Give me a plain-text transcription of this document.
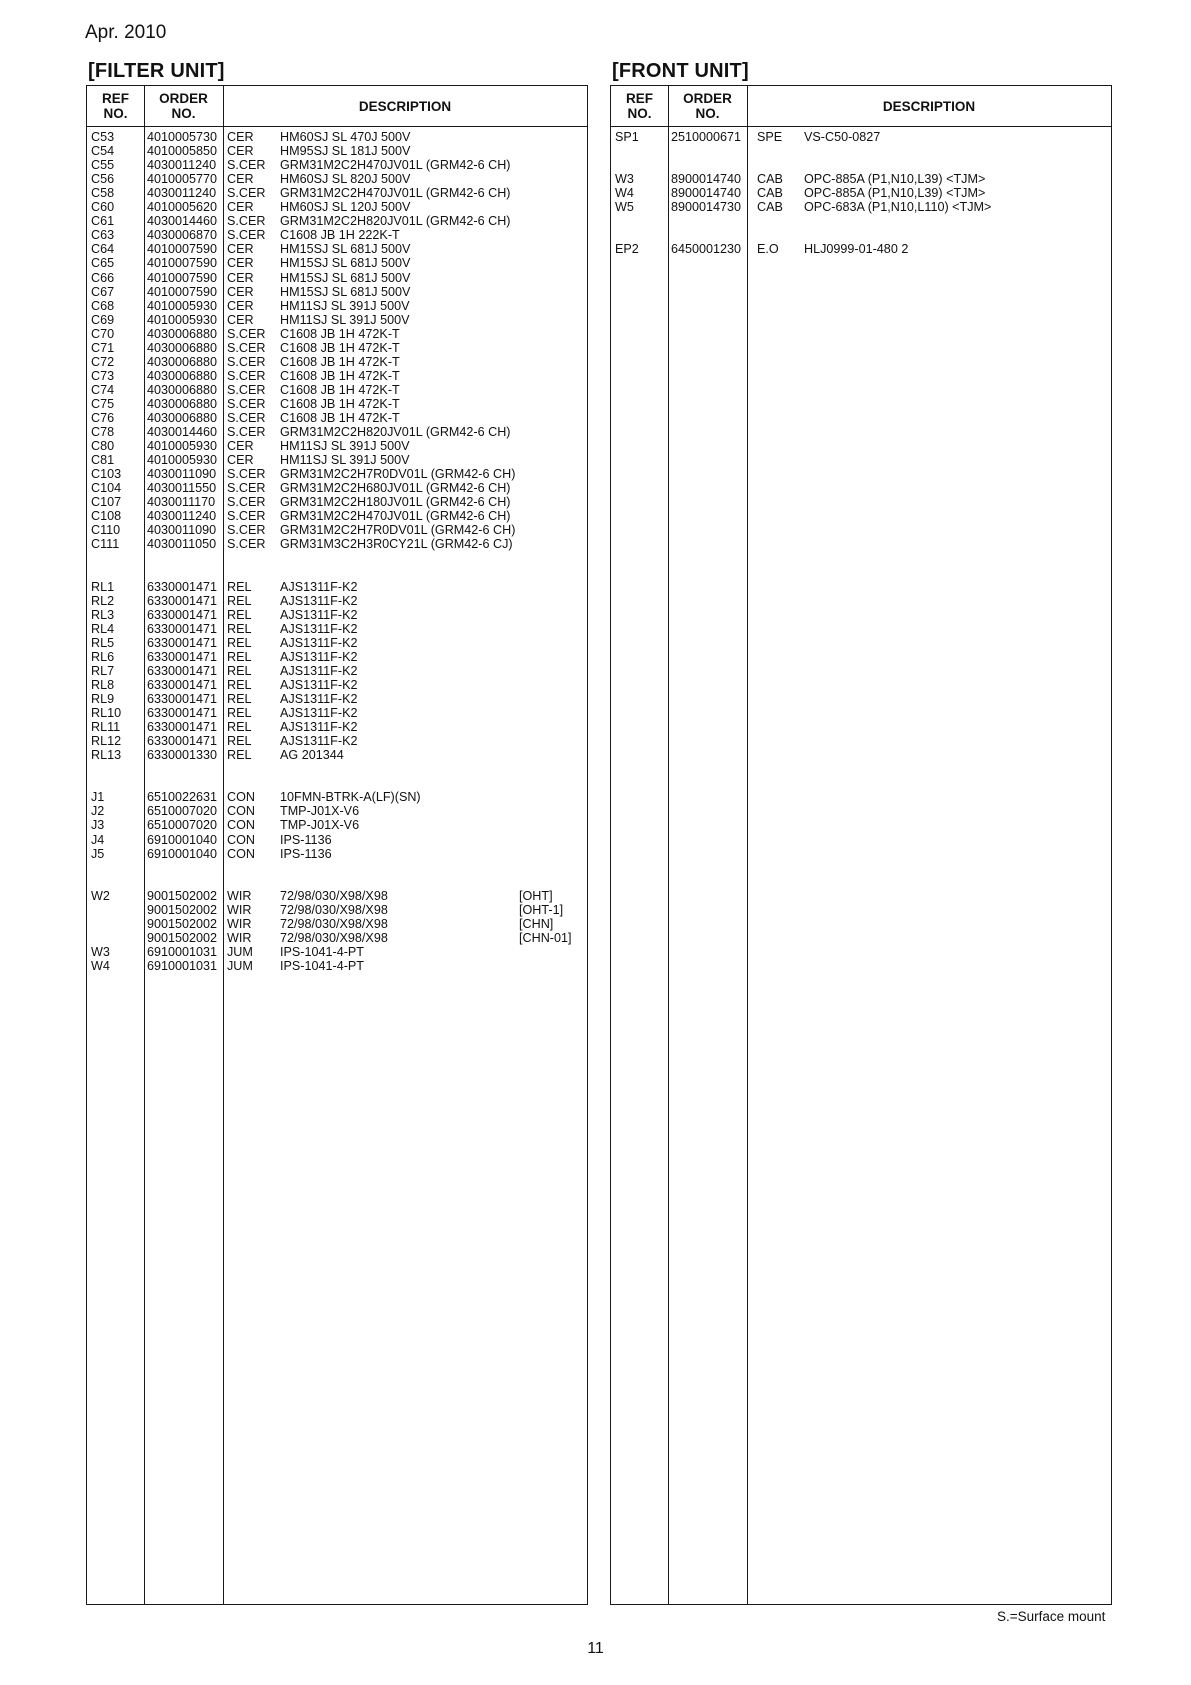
Apr. 2010
[FILTER UNIT]
REF
NO.
ORDER
NO.	DESCRIPTION
C53	4010005730 CER HM60SJ SL 470J 500V
C54	4010005850 CER HM95SJ SL 181J 500V
C55	4030011240 S.CER GRM31M2C2H470JV01L (GRM42-6 CH)
C56	4010005770 CER HM60SJ SL 820J 500V
C58	4030011240 S.CER GRM31M2C2H470JV01L (GRM42-6 CH)
C60	4010005620 CER HM60SJ SL 120J 500V
C61	4030014460 S.CER GRM31M2C2H820JV01L (GRM42-6 CH)
C63	4030006870 S.CER C1608 JB 1H 222K-T
C64	4010007590 CER HM15SJ SL 681J 500V
C65	4010007590 CER HM15SJ SL 681J 500V
C66	4010007590 CER HM15SJ SL 681J 500V
C67	4010007590 CER HM15SJ SL 681J 500V
C68	4010005930 CER HM11SJ SL 391J 500V
C69	4010005930 CER HM11SJ SL 391J 500V
C70	4030006880 S.CER C1608 JB 1H 472K-T
C71	4030006880 S.CER C1608 JB 1H 472K-T
C72	4030006880 S.CER C1608 JB 1H 472K-T
C73	4030006880 S.CER C1608 JB 1H 472K-T
C74	4030006880 S.CER C1608 JB 1H 472K-T
C75	4030006880 S.CER C1608 JB 1H 472K-T
C76	4030006880 S.CER C1608 JB 1H 472K-T
C78	4030014460 S.CER GRM31M2C2H820JV01L (GRM42-6 CH)
C80	4010005930 CER HM11SJ SL 391J 500V
C81	4010005930 CER HM11SJ SL 391J 500V
C103 4030011090 S.CER GRM31M2C2H7R0DV01L (GRM42-6 CH)
C104 4030011550 S.CER GRM31M2C2H680JV01L (GRM42-6 CH)
C107 4030011170 S.CER GRM31M2C2H180JV01L (GRM42-6 CH)
C108 4030011240 S.CER GRM31M2C2H470JV01L (GRM42-6 CH)
C110 4030011090 S.CER GRM31M2C2H7R0DV01L (GRM42-6 CH)
C111 4030011050 S.CER GRM31M3C2H3R0CY21L (GRM42-6 CJ)
RL1	6330001471 REL AJS1311F-K2
RL2	6330001471 REL AJS1311F-K2
RL3	6330001471 REL AJS1311F-K2
RL4	6330001471 REL AJS1311F-K2
RL5	6330001471 REL AJS1311F-K2
RL6	6330001471 REL AJS1311F-K2
RL7	6330001471 REL AJS1311F-K2
RL8	6330001471 REL AJS1311F-K2
RL9	6330001471 REL AJS1311F-K2
RL10 6330001471 REL AJS1311F-K2
RL11 6330001471 REL AJS1311F-K2
RL12 6330001471 REL AJS1311F-K2
RL13 6330001330 REL AG 201344
J1	6510022631 CON 10FMN-BTRK-A(LF)(SN)
J2	6510007020 CON TMP-J01X-V6
J3	6510007020 CON TMP-J01X-V6
J4	6910001040 CON IPS-1136
J5	6910001040 CON IPS-1136
W2	9001502002 WIR 72/98/030/X98/X98	[OHT]
9001502002 WIR 72/98/030/X98/X98	[OHT-1]
9001502002 WIR 72/98/030/X98/X98	[CHN]
9001502002 WIR 72/98/030/X98/X98	[CHN-01]
W3	6910001031 JUM IPS-1041-4-PT
W4	6910001031 JUM IPS-1041-4-PT
[FRONT UNIT]
REF
NO.
ORDER
NO.	DESCRIPTION
SP1	2510000671 SPE VS-C50-0827
W3	8900014740 CAB OPC-885A (P1,N10,L39) <TJM>
W4	8900014740 CAB OPC-885A (P1,N10,L39) <TJM>
W5	8900014730 CAB OPC-683A (P1,N10,L110) <TJM>
EP2	6450001230 E.O HLJ0999-01-480 2
S.=Surface mount
11
